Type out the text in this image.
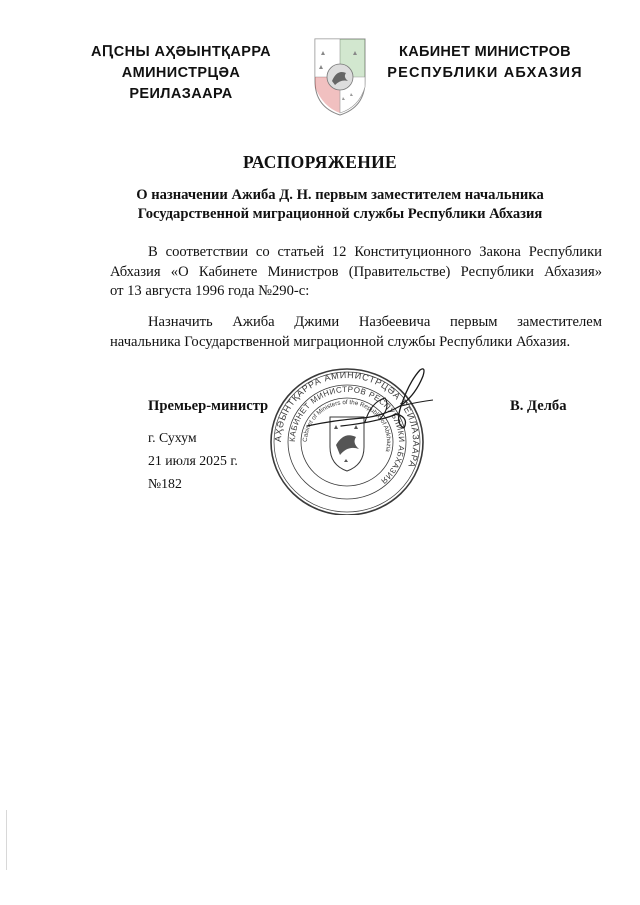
АԤСНЫ АҲӘЫНТҚАРРА
АМИНИСТРЦӘА РЕИЛАЗААРА
КАБИНЕТ МИНИСТРОВ
РЕСПУБЛИКИ АБХАЗИЯ
РАСПОРЯЖЕНИЕ
О назначении Ажиба Д. Н. первым заместителем начальника
Государственной миграционной службы Республики Абхазия
В соответствии со статьей 12 Конституционного Закона Республики
Абхазия «О Кабинете Министров (Правительстве) Республики Абхазия»
от 13 августа 1996 года №290-с:
Назначить Ажиба Джими Назбеевича первым заместителем
начальника Государственной миграционной службы Республики Абхазия.
АҲӘЫНТҚАРРА АМИНИСТРЦӘА РЕИЛАЗААРА
КАБИНЕТ МИНИСТРОВ РЕСПУБЛИКИ АБХАЗИЯ
Cabinet of Ministers of the Republic of Abkhazia
Премьер-министр	В. Делба
г. Сухум
21 июля 2025 г.
№182
